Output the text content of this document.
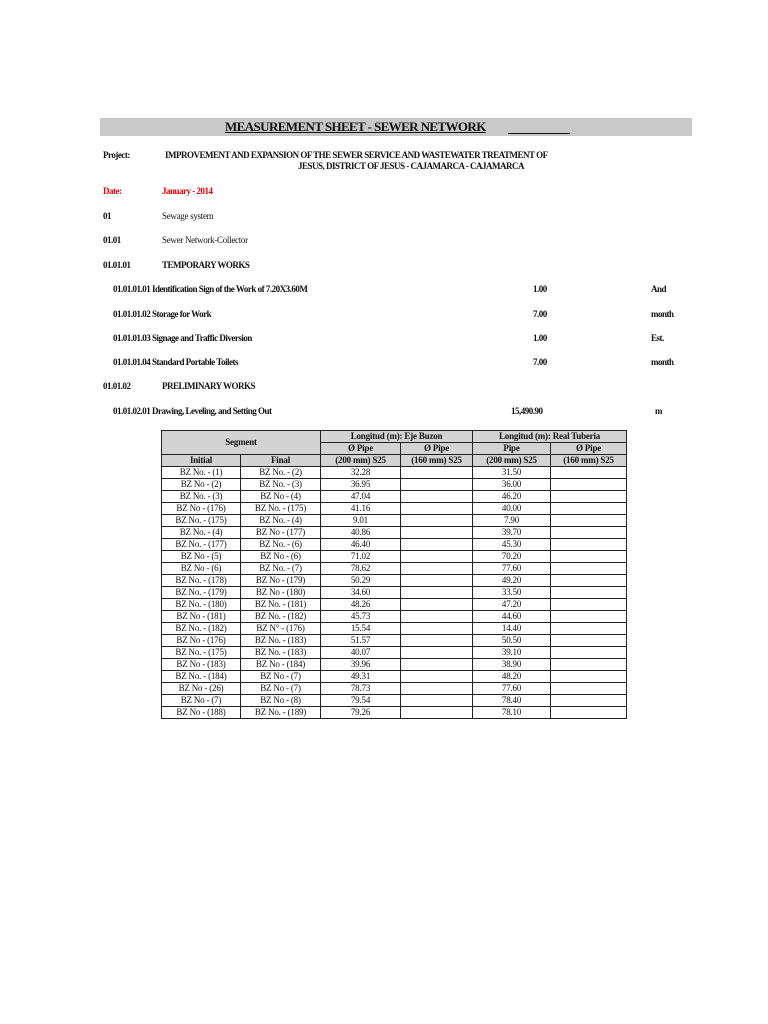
MEASUREMENT SHEET - SEWER NETWORK
Project:	IMPROVEMENT AND EXPANSION OF THE SEWER SERVICE AND WASTEWATER TREATMENT OF
JESUS, DISTRICT OF JESUS - CAJAMARCA - CAJAMARCA
Date:	January - 2014
01	Sewage system
01.01	Sewer Network-Collector
01.01.01	TEMPORARY WORKS
01.01.01.01 Identification Sign of the Work of 7.20X3.60M	1.00	And
01.01.01.02 Storage for Work	7.00	month
01.01.01.03 Signage and Traffic Diversion	1.00	Est.
01.01.01.04 Standard Portable Toilets	7.00	month
01.01.02	PRELIMINARY WORKS
01.01.02.01 Drawing, Leveling, and Setting Out	15,490.90	m
Segment		Longitud (m): Eje Buzon		Longitud (m): Real Tuberia	
		Ø Pipe	Ø Pipe	Pipe	Ø Pipe
Initial	Final	(200 mm) S25	(160 mm) S25	(200 mm) S25	(160 mm) S25
BZ No. - (1)	BZ No. - (2)	32.28		31.50	
BZ No - (2)	BZ No. - (3)	36.95		36.00	
BZ No. - (3)	BZ No - (4)	47.04		46.20	
BZ No - (176)	BZ No. - (175)	41.16		40.00	
BZ No. - (175)	BZ No. - (4)	9.01		7.90	
BZ No. - (4)	BZ No - (177)	40.86		39.70	
BZ No. - (177)	BZ No. - (6)	46.40		45.30	
BZ No - (5)	BZ No - (6)	71.02		70.20	
BZ No - (6)	BZ No. - (7)	78.62		77.60	
BZ No. - (178)	BZ No - (179)	50.29		49.20	
BZ No. - (179)	BZ No - (180)	34.60		33.50	
BZ No. - (180)	BZ No. - (181)	48.26		47.20	
BZ No - (181)	BZ No. - (182)	45.73		44.60	
BZ No. - (182)	BZ N° - (176)	15.54		14.40	
BZ No - (176)	BZ No. - (183)	51.57		50.50	
BZ No. - (175)	BZ No. - (183)	40.07		39.10	
BZ No - (183)	BZ No - (184)	39.96		38.90	
BZ No. - (184)	BZ No - (7)	49.31		48.20	
BZ No - (26)	BZ No - (7)	78.73		77.60	
BZ No - (7)	BZ No - (8)	79.54		78.40	
BZ No - (188)	BZ No. - (189)	79.26		78.10	
